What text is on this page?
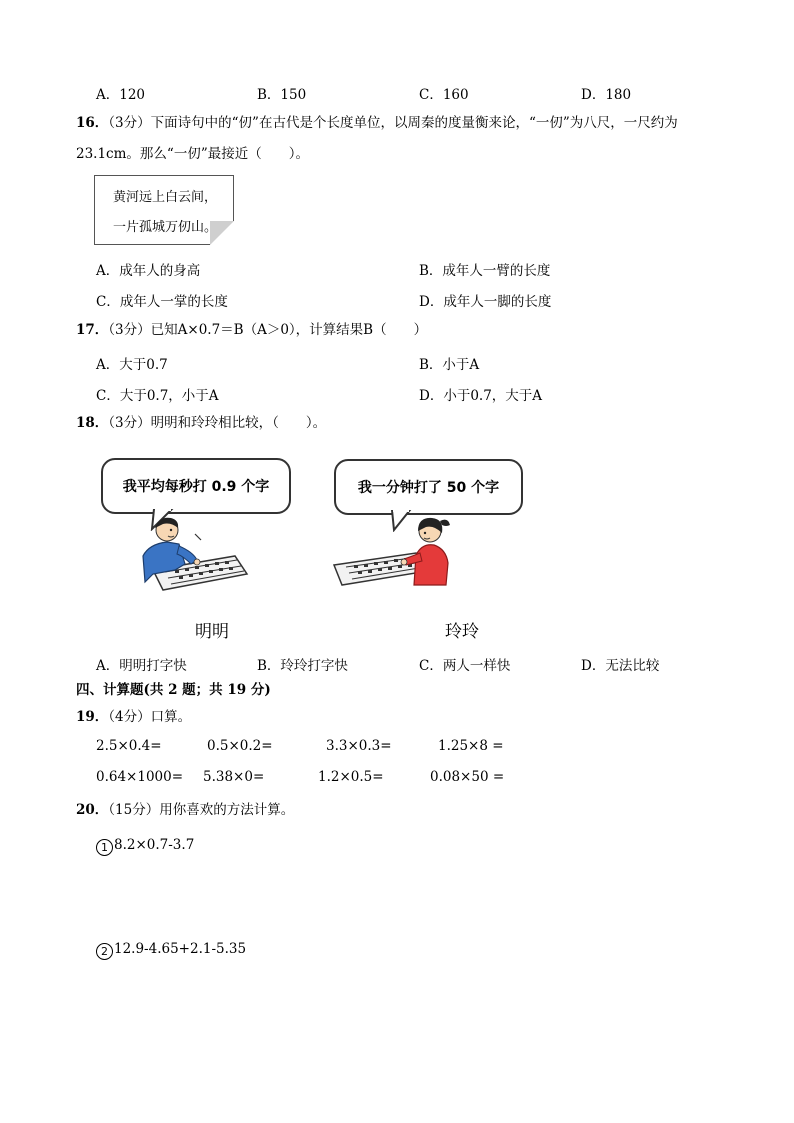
A．120	B．150	C．160	D．180
16．（3分）下面诗句中的“仞”在古代是个长度单位，以周秦的度量衡来论，“一仞”为八尺，一尺约为
23.1cm。那么“一仞”最接近（　　）。
黄河远上白云间，
一片孤城万仞山。
A．成年人的身高	B．成年人一臂的长度
C．成年人一掌的长度	D．成年人一脚的长度
17．（3分）已知A×0.7＝B（A＞0），计算结果B（　　）
A．大于0.7	B．小于A
C．大于0.7，小于A	D．小于0.7，大于A
18．（3分）明明和玲玲相比较，（　　）。
我平均每秒打 0.9 个字	我一分钟打了 50 个字
明明	玲玲
A．明明打字快	B．玲玲打字快	C．两人一样快	D．无法比较
四、计算题(共 2 题；共 19 分)
19．（4分）口算。
2.5×0.4=	0.5×0.2=	3.3×0.3=	1.25×8 =
0.64×1000= 5.38×0=	1.2×0.5=	0.08×50 =
20．（15分）用你喜欢的方法计算。
1 8.2×0.7-3.7
2 12.9-4.65+2.1-5.35
